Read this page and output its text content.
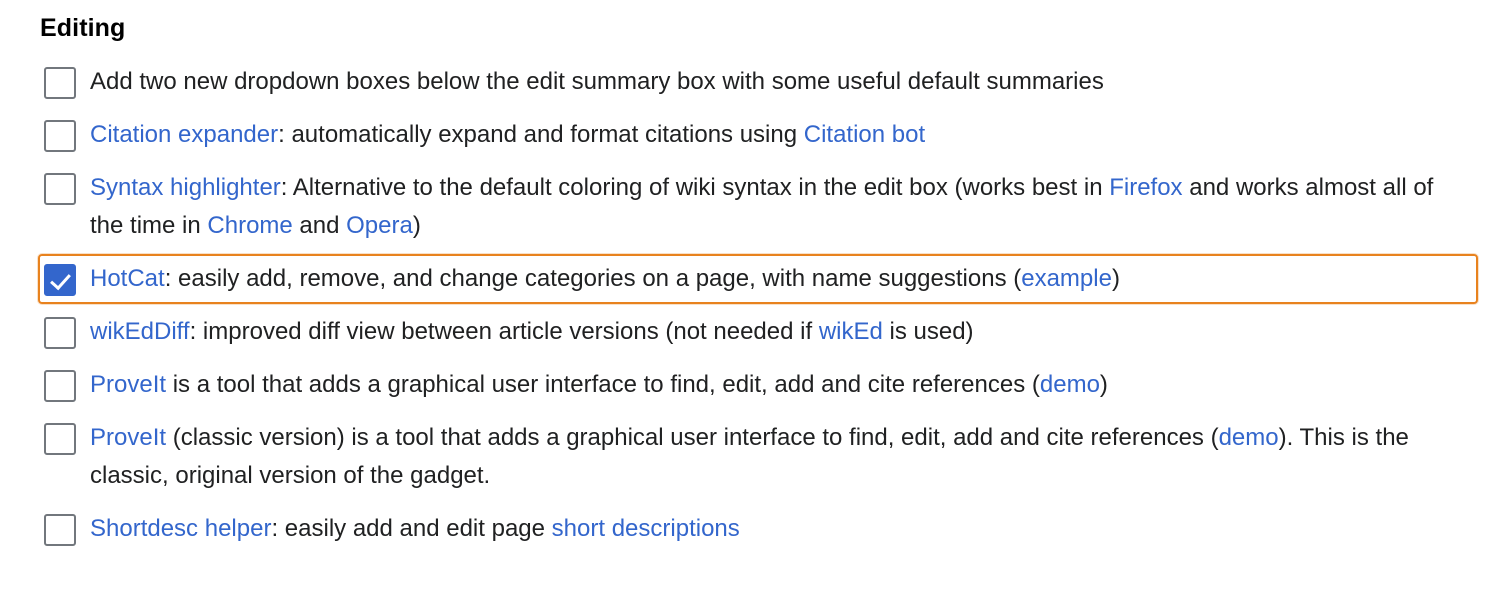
Editing
Add two new dropdown boxes below the edit summary box with some useful default summaries
Citation expander: automatically expand and format citations using Citation bot
Syntax highlighter: Alternative to the default coloring of wiki syntax in the edit box (works best in Firefox and works almost all of the time in Chrome and Opera)
HotCat: easily add, remove, and change categories on a page, with name suggestions (example)
wikEdDiff: improved diff view between article versions (not needed if wikEd is used)
ProveIt is a tool that adds a graphical user interface to find, edit, add and cite references (demo)
ProveIt (classic version) is a tool that adds a graphical user interface to find, edit, add and cite references (demo). This is the classic, original version of the gadget.
Shortdesc helper: easily add and edit page short descriptions
